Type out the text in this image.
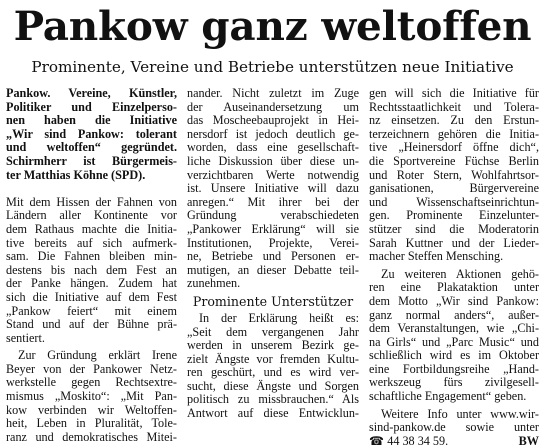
Pankow ganz weltoffen
Prominente, Vereine und Betriebe unterstützen neue Initiative
Pankow. Vereine, Künstler,
Politiker und Einzelperso-
nen haben die Initiative
„Wir sind Pankow: tolerant
und weltoffen“ gegründet.
Schirmherr ist Bürgermeis-
ter Matthias Köhne (SPD).
Mit dem Hissen der Fahnen von
Ländern aller Kontinente vor
dem Rathaus machte die Initia-
tive bereits auf sich aufmerk-
sam. Die Fahnen bleiben min-
destens bis nach dem Fest an
der Panke hängen. Zudem hat
sich die Initiative auf dem Fest
„Pankow feiert“ mit einem
Stand und auf der Bühne prä-
sentiert.
Zur Gründung erklärt Irene
Beyer von der Pankower Netz-
werkstelle gegen Rechtsextre-
mismus „Moskito“: „Mit Pan-
kow verbinden wir Weltoffen-
heit, Leben in Pluralität, Tole-
ranz und demokratisches Mitei-
nander. Nicht zuletzt im Zuge
der Auseinandersetzung um
das Moscheebauprojekt in Hei-
nersdorf ist jedoch deutlich ge-
worden, dass eine gesellschaft-
liche Diskussion über diese un-
verzichtbaren Werte notwendig
ist. Unsere Initiative will dazu
anregen.“ Mit ihrer bei der
Gründung verabschiedeten
„Pankower Erklärung“ will sie
Institutionen, Projekte, Verei-
ne, Betriebe und Personen er-
mutigen, an dieser Debatte teil-
zunehmen.
Prominente Unterstützer
In der Erklärung heißt es:
„Seit dem vergangenen Jahr
werden in unserem Bezirk ge-
zielt Ängste vor fremden Kultu-
ren geschürt, und es wird ver-
sucht, diese Ängste und Sorgen
politisch zu missbrauchen.“ Als
Antwort auf diese Entwicklun-
gen will sich die Initiative für
Rechtsstaatlichkeit und Tolera-
nz einsetzen. Zu den Erstun-
terzeichnern gehören die Initia-
tive „Heinersdorf öffne dich“,
die Sportvereine Füchse Berlin
und Roter Stern, Wohlfahrtsor-
ganisationen, Bürgervereine
und Wissenschaftseinrichtun-
gen. Prominente Einzelunter-
stützer sind die Moderatorin
Sarah Kuttner und der Lieder-
macher Steffen Mensching.
Zu weiteren Aktionen gehö-
ren eine Plakataktion unter
dem Motto „Wir sind Pankow:
ganz normal anders“, außer-
dem Veranstaltungen, wie „Chi-
na Girls“ und „Parc Music“ und
schließlich wird es im Oktober
eine Fortbildungsreihe „Hand-
werkszeug fürs zivilgesell-
schaftliche Engagement“ geben.
Weitere Info unter www.wir-
sind-pankow.de sowie unter
☎ 44 38 34 59.	BW
